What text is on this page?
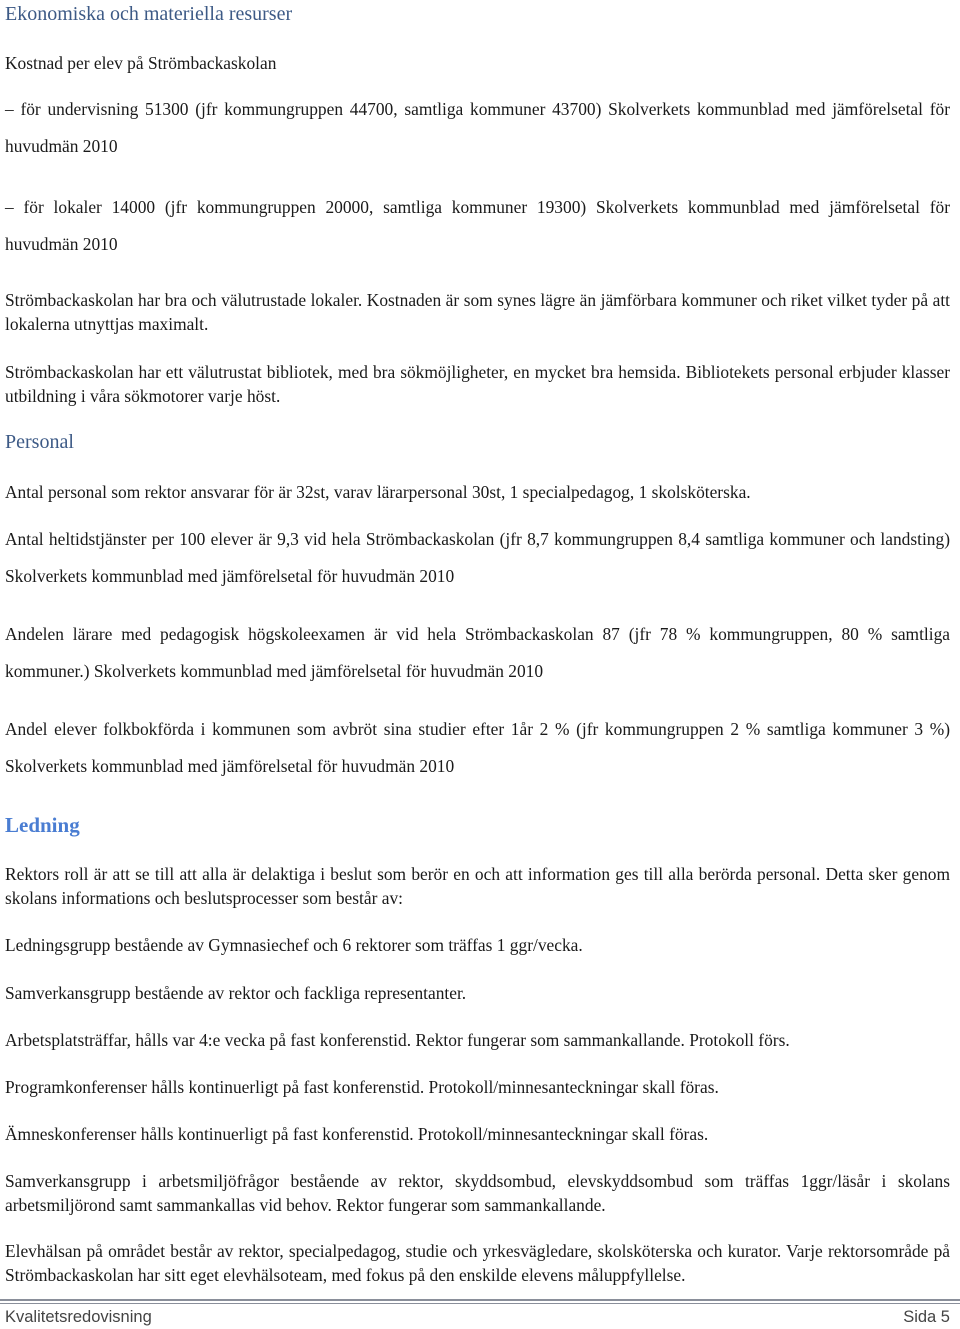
Ekonomiska och materiella resurser

Kostnad per elev på Strömbackaskolan

– för undervisning 51300 (jfr kommungruppen 44700, samtliga kommuner 43700) Skolverkets kommunblad med jämförelsetal för huvudmän 2010

– för lokaler 14000 (jfr kommungruppen 20000, samtliga kommuner 19300) Skolverkets kommunblad med jämförelsetal för huvudmän 2010

Strömbackaskolan har bra och välutrustade lokaler. Kostnaden är som synes lägre än jämförbara kommuner och riket vilket tyder på att lokalerna utnyttjas maximalt.

Strömbackaskolan har ett välutrustat bibliotek, med bra sökmöjligheter, en mycket bra hemsida. Bibliotekets personal erbjuder klasser utbildning i våra sökmotorer varje höst.

Personal

Antal personal som rektor ansvarar för är 32st, varav lärarpersonal 30st, 1 specialpedagog, 1 skolsköterska.

Antal heltidstjänster per 100 elever är 9,3 vid hela Strömbackaskolan (jfr 8,7 kommungruppen 8,4 samtliga kommuner och landsting) Skolverkets kommunblad med jämförelsetal för huvudmän 2010

Andelen lärare med pedagogisk högskoleexamen är vid hela Strömbackaskolan 87 (jfr 78 % kommungruppen, 80 % samtliga kommuner.) Skolverkets kommunblad med jämförelsetal för huvudmän 2010

Andel elever folkbokförda i kommunen som avbröt sina studier efter 1år 2 % (jfr kommungruppen 2 % samtliga kommuner 3 %) Skolverkets kommunblad med jämförelsetal för huvudmän 2010

Ledning

Rektors roll är att se till att alla är delaktiga i beslut som berör en och att information ges till alla berörda personal. Detta sker genom skolans informations och beslutsprocesser som består av:

Ledningsgrupp bestående av Gymnasiechef och 6 rektorer som träffas 1 ggr/vecka.

Samverkansgrupp bestående av rektor och fackliga representanter.

Arbetsplatsträffar, hålls var 4:e vecka på fast konferenstid. Rektor fungerar som sammankallande. Protokoll förs.

Programkonferenser hålls kontinuerligt på fast konferenstid. Protokoll/minnesanteckningar skall föras.

Ämneskonferenser hålls kontinuerligt på fast konferenstid. Protokoll/minnesanteckningar skall föras.

Samverkansgrupp i arbetsmiljöfrågor bestående av rektor, skyddsombud, elevskyddsombud som träffas 1ggr/läsår i skolans arbetsmiljörond samt sammankallas vid behov. Rektor fungerar som sammankallande.

Elevhälsan på området består av rektor, specialpedagog, studie och yrkesvägledare, skolsköterska och kurator. Varje rektorsområde på Strömbackaskolan har sitt eget elevhälsoteam, med fokus på den enskilde elevens måluppfyllelse.

Kvalitetsredovisning	Sida 5
